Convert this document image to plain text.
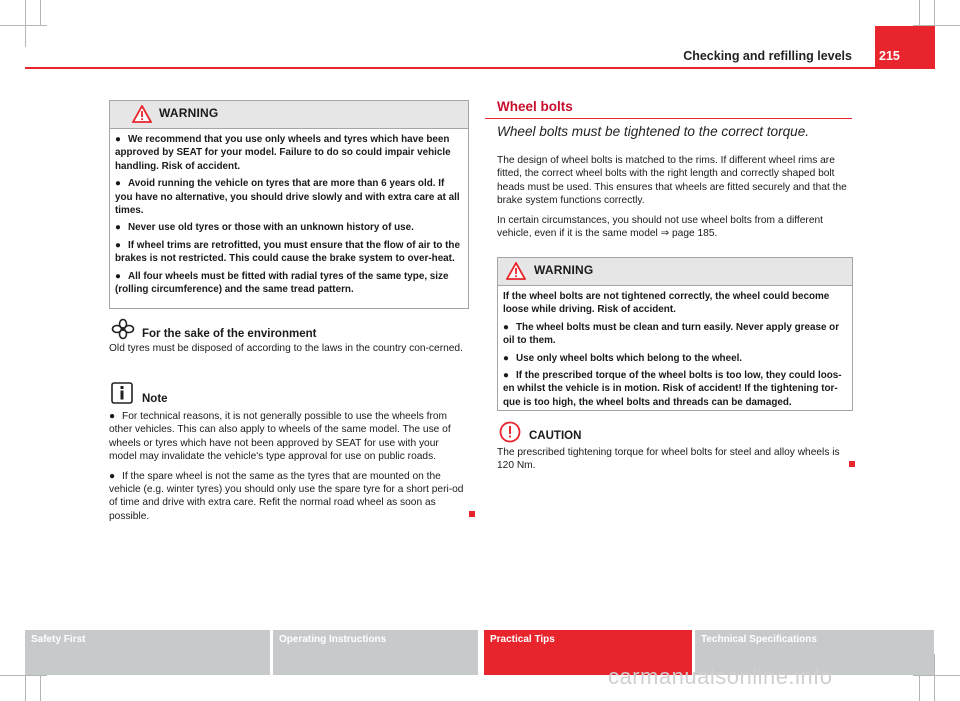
215
Checking and refilling levels
WARNING

● We recommend that you use only wheels and tyres which have been approved by SEAT for your model. Failure to do so could impair vehicle handling. Risk of accident.

● Avoid running the vehicle on tyres that are more than 6 years old. If you have no alternative, you should drive slowly and with extra care at all times.

● Never use old tyres or those with an unknown history of use.

● If wheel trims are retrofitted, you must ensure that the flow of air to the brakes is not restricted. This could cause the brake system to over-heat.

● All four wheels must be fitted with radial tyres of the same type, size (rolling circumference) and the same tread pattern.

For the sake of the environment
Old tyres must be disposed of according to the laws in the country con-cerned.
Note

● For technical reasons, it is not generally possible to use the wheels from other vehicles. This can also apply to wheels of the same model. The use of wheels or tyres which have not been approved by SEAT for use with your model may invalidate the vehicle's type approval for use on public roads.

● If the spare wheel is not the same as the tyres that are mounted on the vehicle (e.g. winter tyres) you should only use the spare tyre for a short peri-od of time and drive with extra care. Refit the normal road wheel as soon as possible.

Wheel bolts
Wheel bolts must be tightened to the correct torque.

The design of wheel bolts is matched to the rims. If different wheel rims are fitted, the correct wheel bolts with the right length and correctly shaped bolt heads must be used. This ensures that wheels are fitted securely and that the brake system functions correctly.

In certain circumstances, you should not use wheel bolts from a different vehicle, even if it is the same model ⇒ page 185.

WARNING

If the wheel bolts are not tightened correctly, the wheel could become loose while driving. Risk of accident.

● The wheel bolts must be clean and turn easily. Never apply grease or oil to them.

● Use only wheel bolts which belong to the wheel.

● If the prescribed torque of the wheel bolts is too low, they could loos-en whilst the vehicle is in motion. Risk of accident! If the tightening tor-que is too high, the wheel bolts and threads can be damaged.

CAUTION
The prescribed tightening torque for wheel bolts for steel and alloy wheels is 120 Nm.
Safety First	Operating Instructions	Practical Tips	Technical Specifications
carmanualsonline.info
